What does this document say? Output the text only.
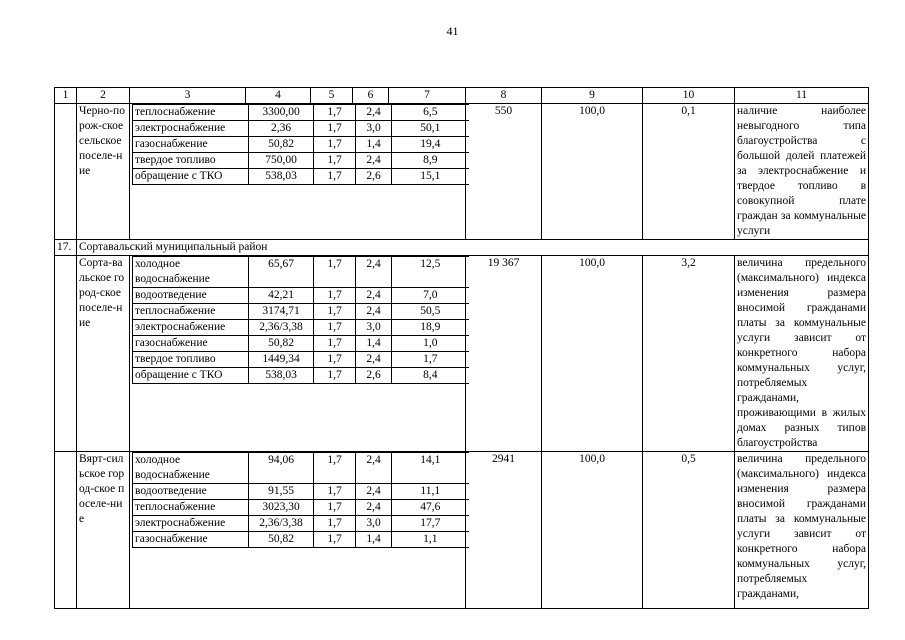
41
1	2	3	4	5	6	7	8	9	10	11
	Черно-порож-ское сельское поселе-ние	
теплоснабжение	3300,00	1,7	2,4	6,5
электроснабжение	2,36	1,7	3,0	50,1
газоснабжение	50,82	1,7	1,4	19,4
твердое топливо	750,00	1,7	2,4	8,9
обращение с ТКО	538,03	1,7	2,6	15,1

	550	100,0	0,1	наличие наиболее невыгодного типа благоустройства с большой долей платежей за электроснабжение и твердое топливо в совокупной плате граждан за коммунальные услуги
17.	Сортавальский муниципальный район
	Сорта-вальское город-ское поселе-ние	
холодное водоснабжение	65,67	1,7	2,4	12,5
водоотведение	42,21	1,7	2,4	7,0
теплоснабжение	3174,71	1,7	2,4	50,5
электроснабжение	2,36/3,38	1,7	3,0	18,9
газоснабжение	50,82	1,7	1,4	1,0
твердое топливо	1449,34	1,7	2,4	1,7
обращение с ТКО	538,03	1,7	2,6	8,4

	19 367	100,0	3,2	величина предельного (максимального) индекса изменения размера вносимой гражданами платы за коммунальные услуги зависит от конкретного набора коммунальных услуг, потребляемых гражданами, проживающими в жилых домах разных типов благоустройства
	Вярт-сильское город-ское поселе-ние	
холодное водоснабжение	94,06	1,7	2,4	14,1
водоотведение	91,55	1,7	2,4	11,1
теплоснабжение	3023,30	1,7	2,4	47,6
электроснабжение	2,36/3,38	1,7	3,0	17,7
газоснабжение	50,82	1,7	1,4	1,1

	2941	100,0	0,5	величина предельного (максимального) индекса изменения размера вносимой гражданами платы за коммунальные услуги зависит от конкретного набора коммунальных услуг, потребляемых гражданами,
